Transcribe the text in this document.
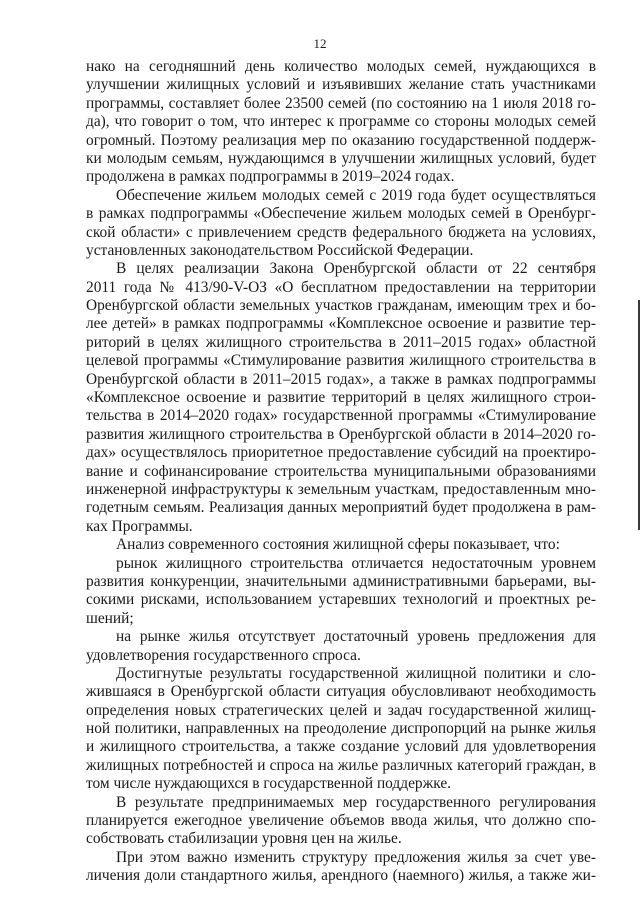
12
нако на сегодняшний день количество молодых семей, нуждающихся в
улучшении жилищных условий и изъявивших желание стать участниками
программы, составляет более 23500 семей (по состоянию на 1 июля 2018 го-
да), что говорит о том, что интерес к программе со стороны молодых семей
огромный. Поэтому реализация мер по оказанию государственной поддерж-
ки молодым семьям, нуждающимся в улучшении жилищных условий, будет
продолжена в рамках подпрограммы в 2019–2024 годах.
Обеспечение жильем молодых семей с 2019 года будет осуществляться
в рамках подпрограммы «Обеспечение жильем молодых семей в Оренбург-
ской области» с привлечением средств федерального бюджета на условиях,
установленных законодательством Российской Федерации.
В целях реализации Закона Оренбургской области от 22 сентября
2011 года № 413/90-V-ОЗ «О бесплатном предоставлении на территории
Оренбургской области земельных участков гражданам, имеющим трех и бо-
лее детей» в рамках подпрограммы «Комплексное освоение и развитие тер-
риторий в целях жилищного строительства в 2011–2015 годах» областной
целевой программы «Стимулирование развития жилищного строительства в
Оренбургской области в 2011–2015 годах», а также в рамках подпрограммы
«Комплексное освоение и развитие территорий в целях жилищного строи-
тельства в 2014–2020 годах» государственной программы «Стимулирование
развития жилищного строительства в Оренбургской области в 2014–2020 го-
дах» осуществлялось приоритетное предоставление субсидий на проектиро-
вание и софинансирование строительства муниципальными образованиями
инженерной инфраструктуры к земельным участкам, предоставленным мно-
годетным семьям. Реализация данных мероприятий будет продолжена в рам-
ках Программы.
Анализ современного состояния жилищной сферы показывает, что:
рынок жилищного строительства отличается недостаточным уровнем
развития конкуренции, значительными административными барьерами, вы-
сокими рисками, использованием устаревших технологий и проектных ре-
шений;
на рынке жилья отсутствует достаточный уровень предложения для
удовлетворения государственного спроса.
Достигнутые результаты государственной жилищной политики и сло-
жившаяся в Оренбургской области ситуация обусловливают необходимость
определения новых стратегических целей и задач государственной жилищ-
ной политики, направленных на преодоление диспропорций на рынке жилья
и жилищного строительства, а также создание условий для удовлетворения
жилищных потребностей и спроса на жилье различных категорий граждан, в
том числе нуждающихся в государственной поддержке.
В результате предпринимаемых мер государственного регулирования
планируется ежегодное увеличение объемов ввода жилья, что должно спо-
собствовать стабилизации уровня цен на жилье.
При этом важно изменить структуру предложения жилья за счет уве-
личения доли стандартного жилья, арендного (наемного) жилья, а также жи-
